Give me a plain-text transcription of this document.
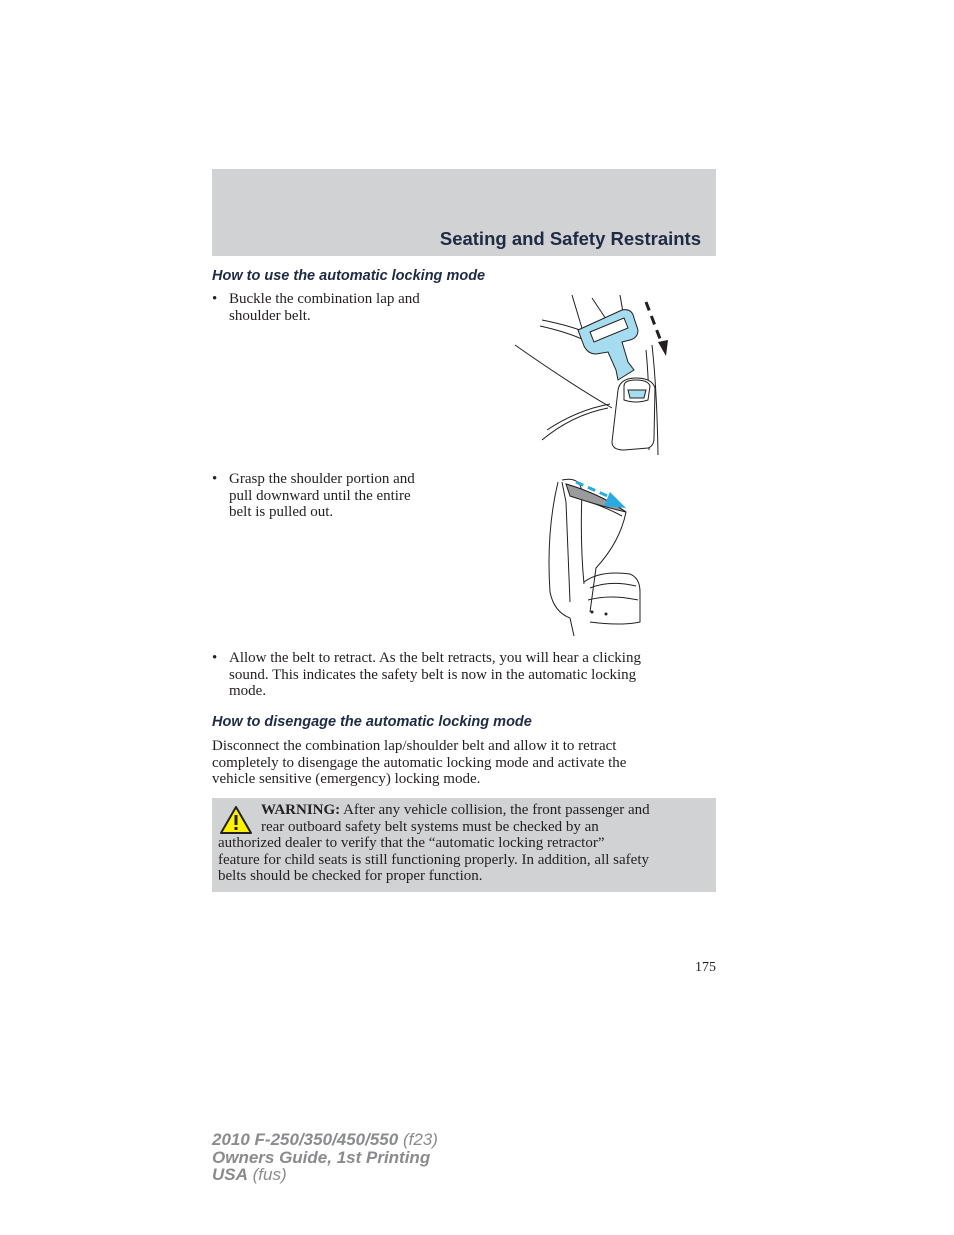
Seating and Safety Restraints
How to use the automatic locking mode
• Buckle the combination lap and
shoulder belt.
• Grasp the shoulder portion and
pull downward until the entire
belt is pulled out.
• Allow the belt to retract. As the belt retracts, you will hear a clicking
sound. This indicates the safety belt is now in the automatic locking
mode.
How to disengage the automatic locking mode
Disconnect the combination lap/shoulder belt and allow it to retract
completely to disengage the automatic locking mode and activate the
vehicle sensitive (emergency) locking mode.
WARNING: After any vehicle collision, the front passenger and
rear outboard safety belt systems must be checked by an
authorized dealer to verify that the “automatic locking retractor”
feature for child seats is still functioning properly. In addition, all safety
belts should be checked for proper function.
175
2010 F-250/350/450/550 (f23)
Owners Guide, 1st Printing
USA (fus)
